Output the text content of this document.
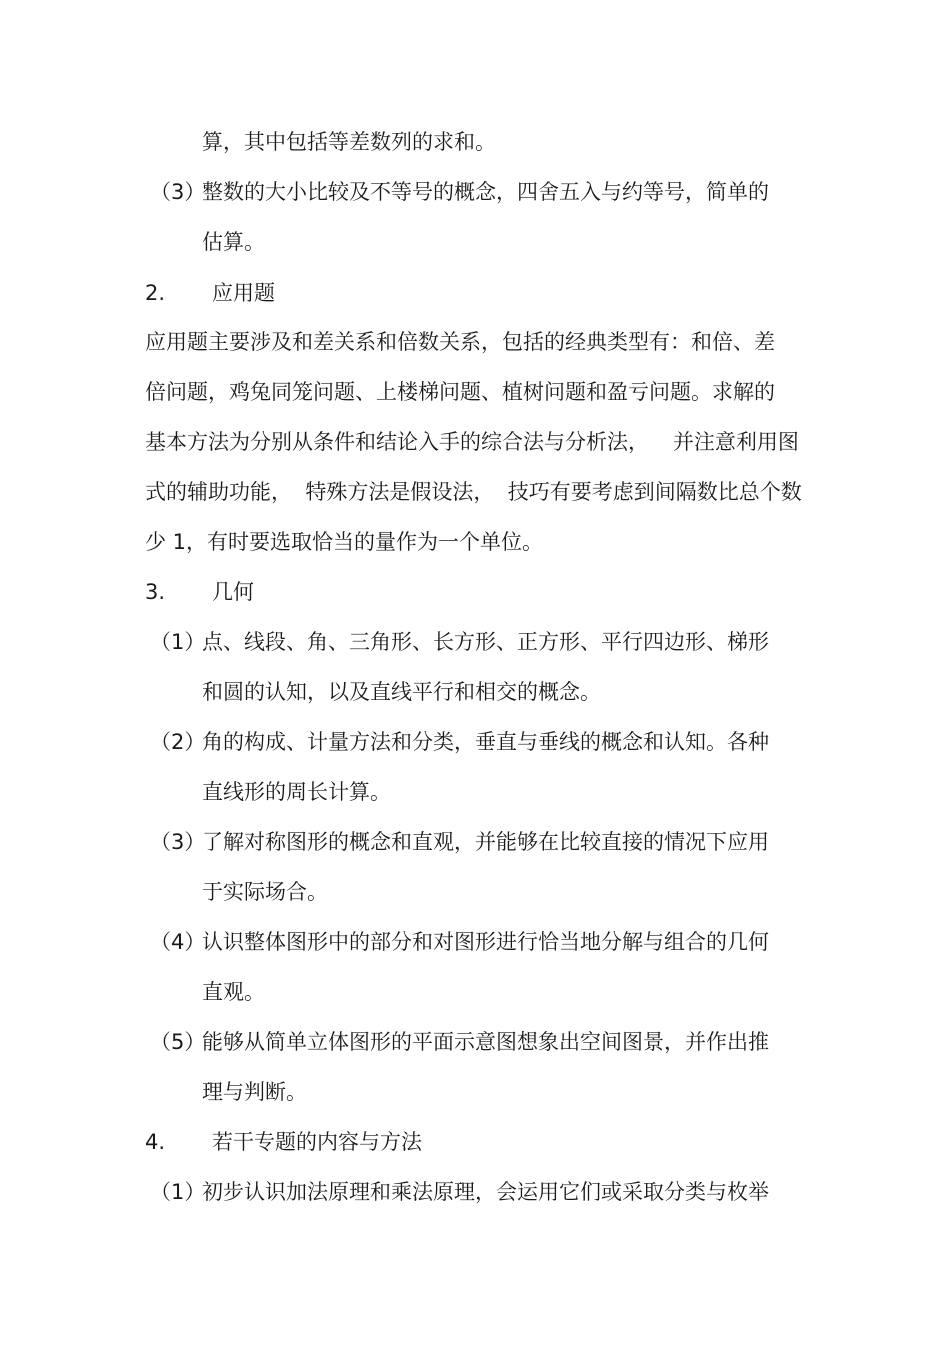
算，其中包括等差数列的求和。
（3）
整数的大小比较及不等号的概念，四舍五入与约等号，简单的
估算。
2. 应用题
应用题主要涉及和差关系和倍数关系，包括的经典类型有：和倍、差
倍问题，鸡兔同笼问题、上楼梯问题、植树问题和盈亏问题。求解的
基本方法为分别从条件和结论入手的综合法与分析法，　  并注意利用图
式的辅助功能，  特殊方法是假设法，  技巧有要考虑到间隔数比总个数
少 1，有时要选取恰当的量作为一个单位。
3. 几何
（1）
点、线段、角、三角形、长方形、正方形、平行四边形、梯形
和圆的认知，以及直线平行和相交的概念。
（2）
角的构成、计量方法和分类，垂直与垂线的概念和认知。各种
直线形的周长计算。
（3）
了解对称图形的概念和直观，并能够在比较直接的情况下应用
于实际场合。
（4）
认识整体图形中的部分和对图形进行恰当地分解与组合的几何
直观。
（5）
能够从简单立体图形的平面示意图想象出空间图景，并作出推
理与判断。
4. 若干专题的内容与方法
（1）
初步认识加法原理和乘法原理，会运用它们或采取分类与枚举
